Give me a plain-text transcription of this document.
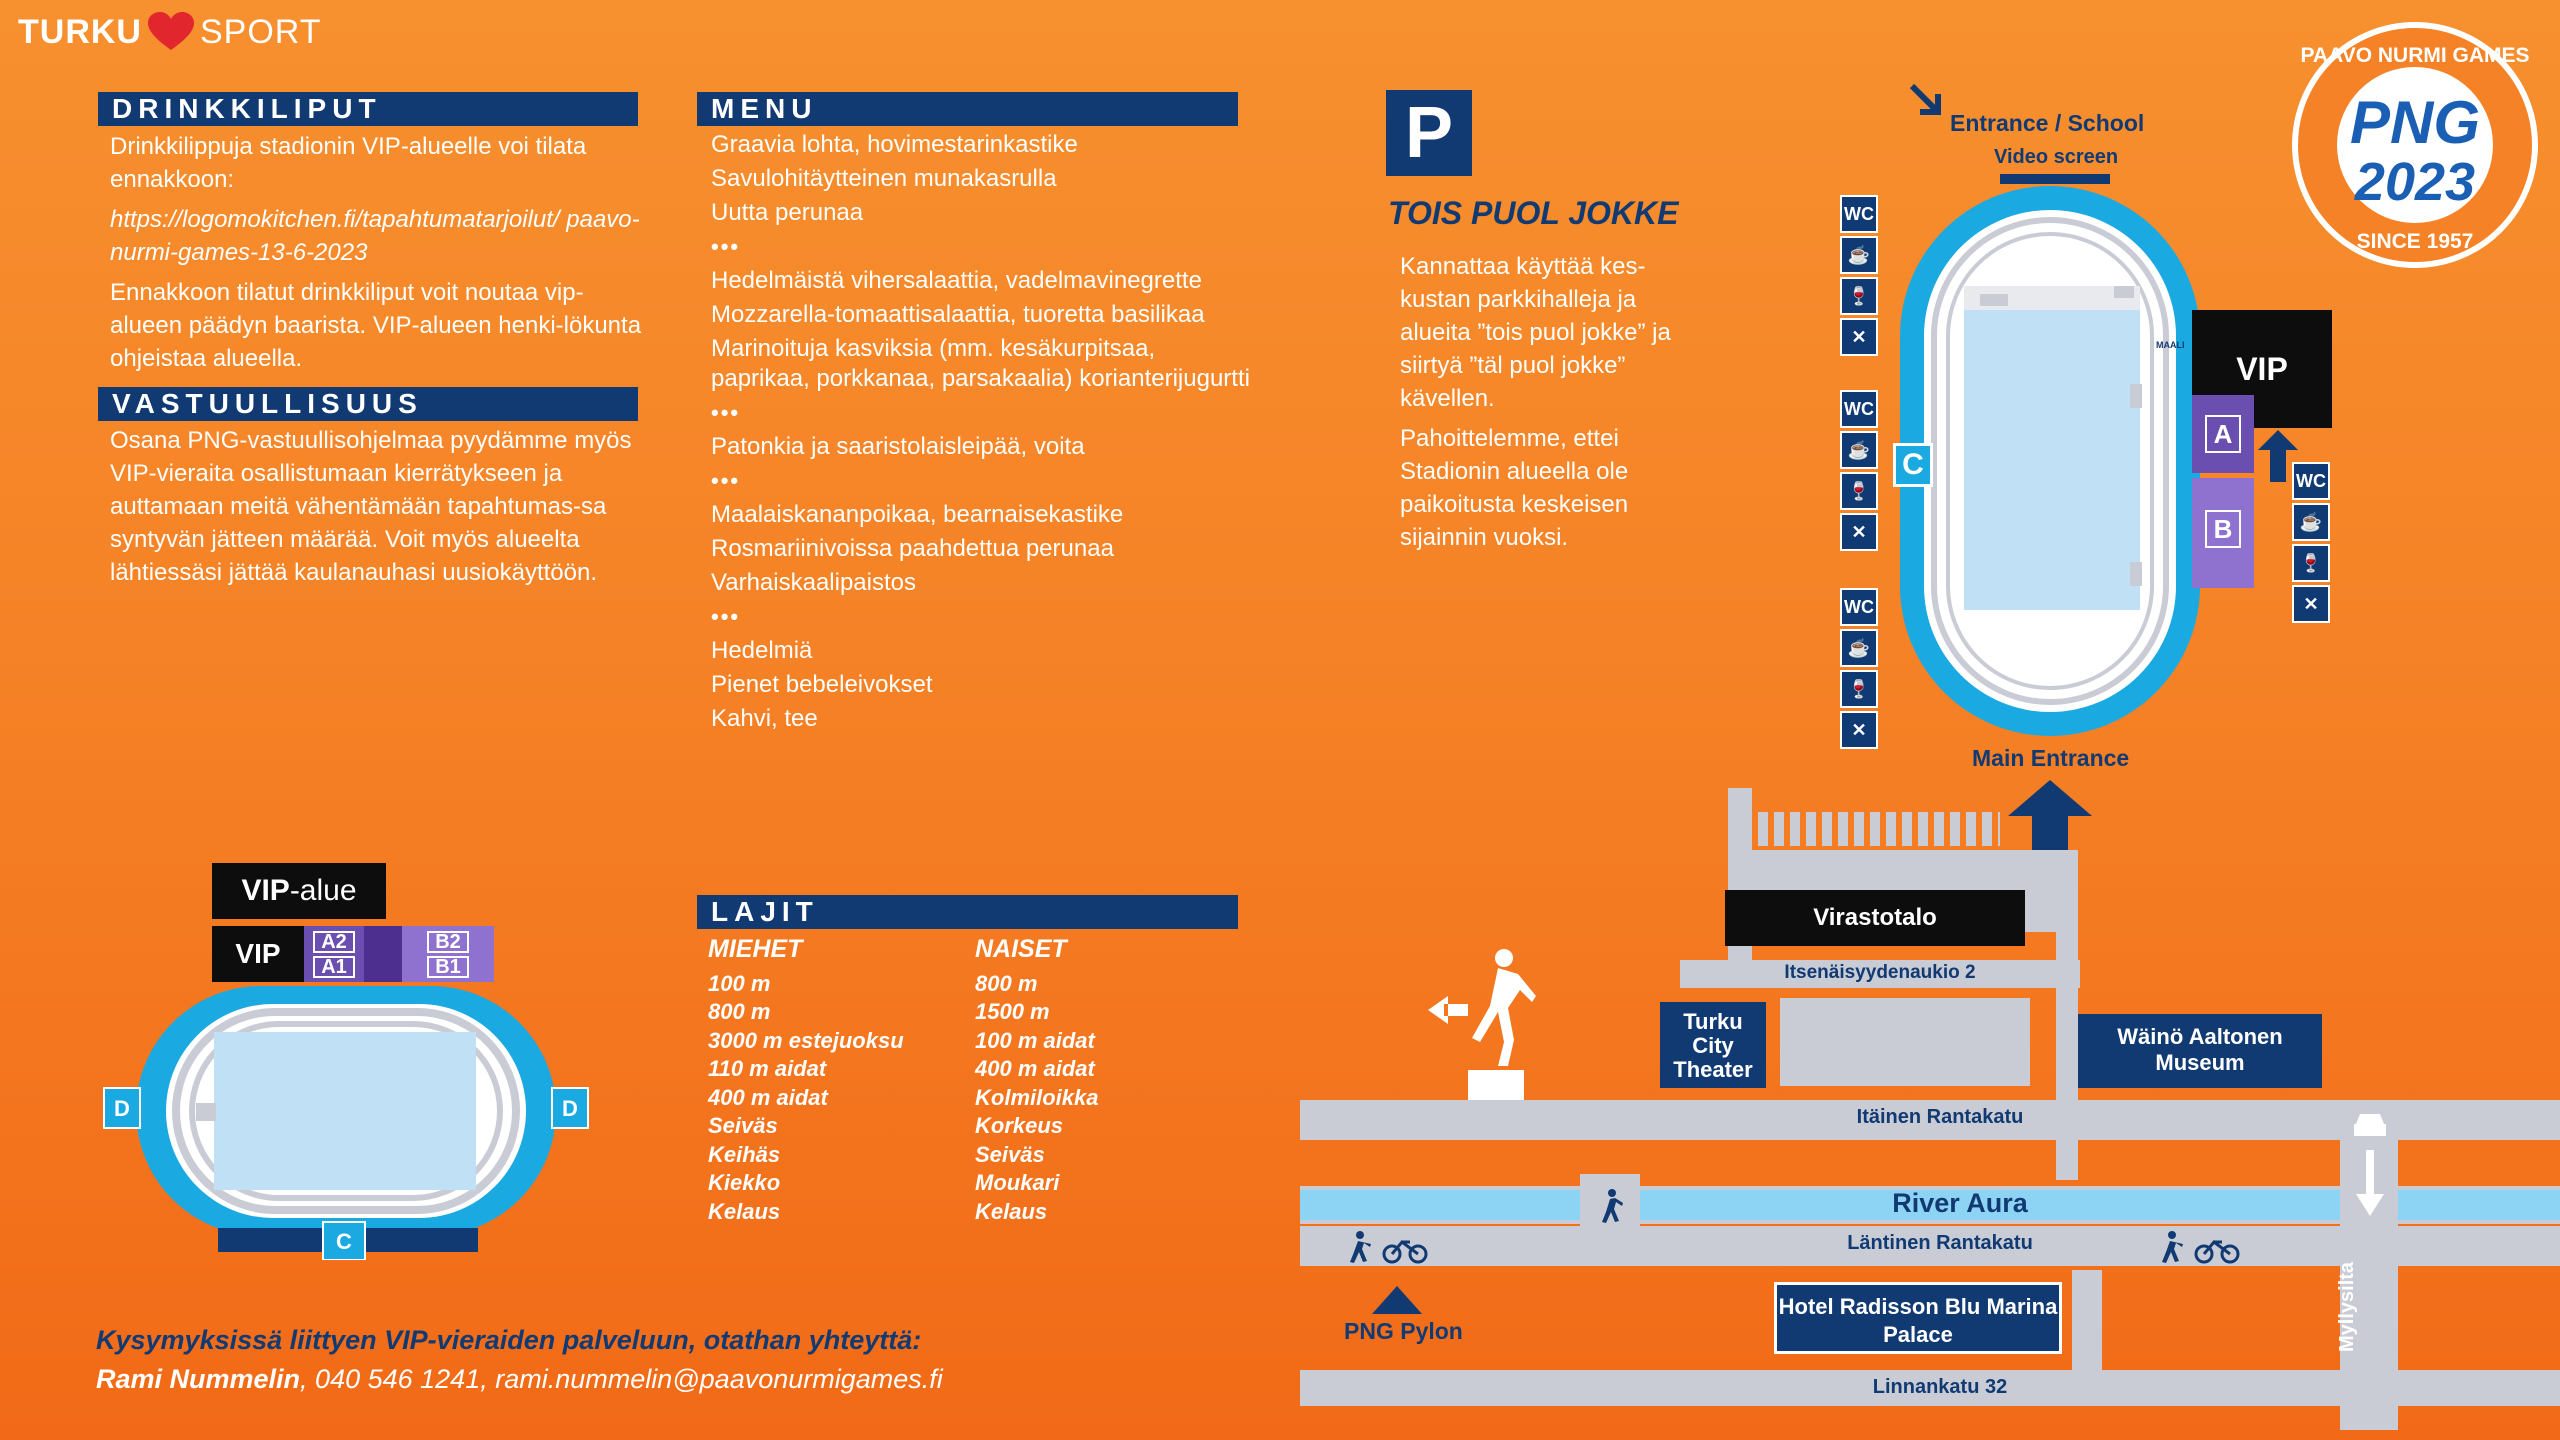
TURKU SPORT
DRINKKILIPUT

Drinkkilippuja stadionin VIP-alueelle voi tilata ennakkoon:

https://logomokitchen.fi/tapahtumatarjoilut/ paavo-nurmi-games-13-6-2023

Ennakkoon tilatut drinkkiliput voit noutaa vip-alueen päädyn baarista. VIP-alueen henki-lökunta ohjeistaa alueella.

VASTUULLISUUS

Osana PNG-vastuullisohjelmaa pyydämme myös VIP-vieraita osallistumaan kierrätykseen ja auttamaan meitä vähentämään tapahtumas-sa syntyvän jätteen määrää. Voit myös alueelta lähtiessäsi jättää kaulanauhasi uusiokäyttöön.

MENU
Graavia lohta, hovimestarinkastike
Savulohitäytteinen munakasrulla
Uutta perunaa
•••
Hedelmäistä vihersalaattia, vadelmavinegrette
Mozzarella-tomaattisalaattia, tuoretta basilikaa
Marinoituja kasviksia (mm. kesäkurpitsaa, paprikaa, porkkanaa, parsakaalia) korianterijugurtti
•••
Patonkia ja saaristolaisleipää, voita
•••
Maalaiskananpoikaa, bearnaisekastike
Rosmariinivoissa paahdettua perunaa
Varhaiskaalipaistos
•••
Hedelmiä
Pienet bebeleivokset
Kahvi, tee
LAJIT
MIEHET
100 m
800 m
3000 m estejuoksu
110 m aidat
400 m aidat
Seiväs
Keihäs
Kiekko
Kelaus
NAISET
800 m
1500 m
100 m aidat
400 m aidat
Kolmiloikka
Korkeus
Seiväs
Moukari
Kelaus
Kysymyksissä liittyen VIP-vieraiden palveluun, otathan yhteyttä:
Rami Nummelin, 040 546 1241, rami.nummelin@paavonurmigames.fi
VIP-alue
VIP	A2
A1
B2
B1
D	D
C
P
TOIS PUOL JOKKE

Kannattaa käyttää kes-kustan parkkihalleja ja alueita ”tois puol jokke” ja siirtyä ”täl puol jokke” kävellen.

Pahoittelemme, ettei Stadionin alueella ole paikoitusta keskeisen sijainnin vuoksi.

PAAVO NURMI GAMES
PNG
2023
SINCE 1957
Entrance / School
Video screen
MAALI
C
VIP
A
B
WC
☕
🍷
✕
WC
☕
🍷
✕
WC
☕
🍷
✕
WC
☕
🍷
✕
Main Entrance
Virastotalo
Itsenäisyydenaukio 2
Turku City Theater
Wäinö Aaltonen Museum
Itäinen Rantakatu
River Aura
Läntinen Rantakatu
Myllysilta
PNG Pylon
Hotel Radisson Blu Marina Palace
Linnankatu 32
